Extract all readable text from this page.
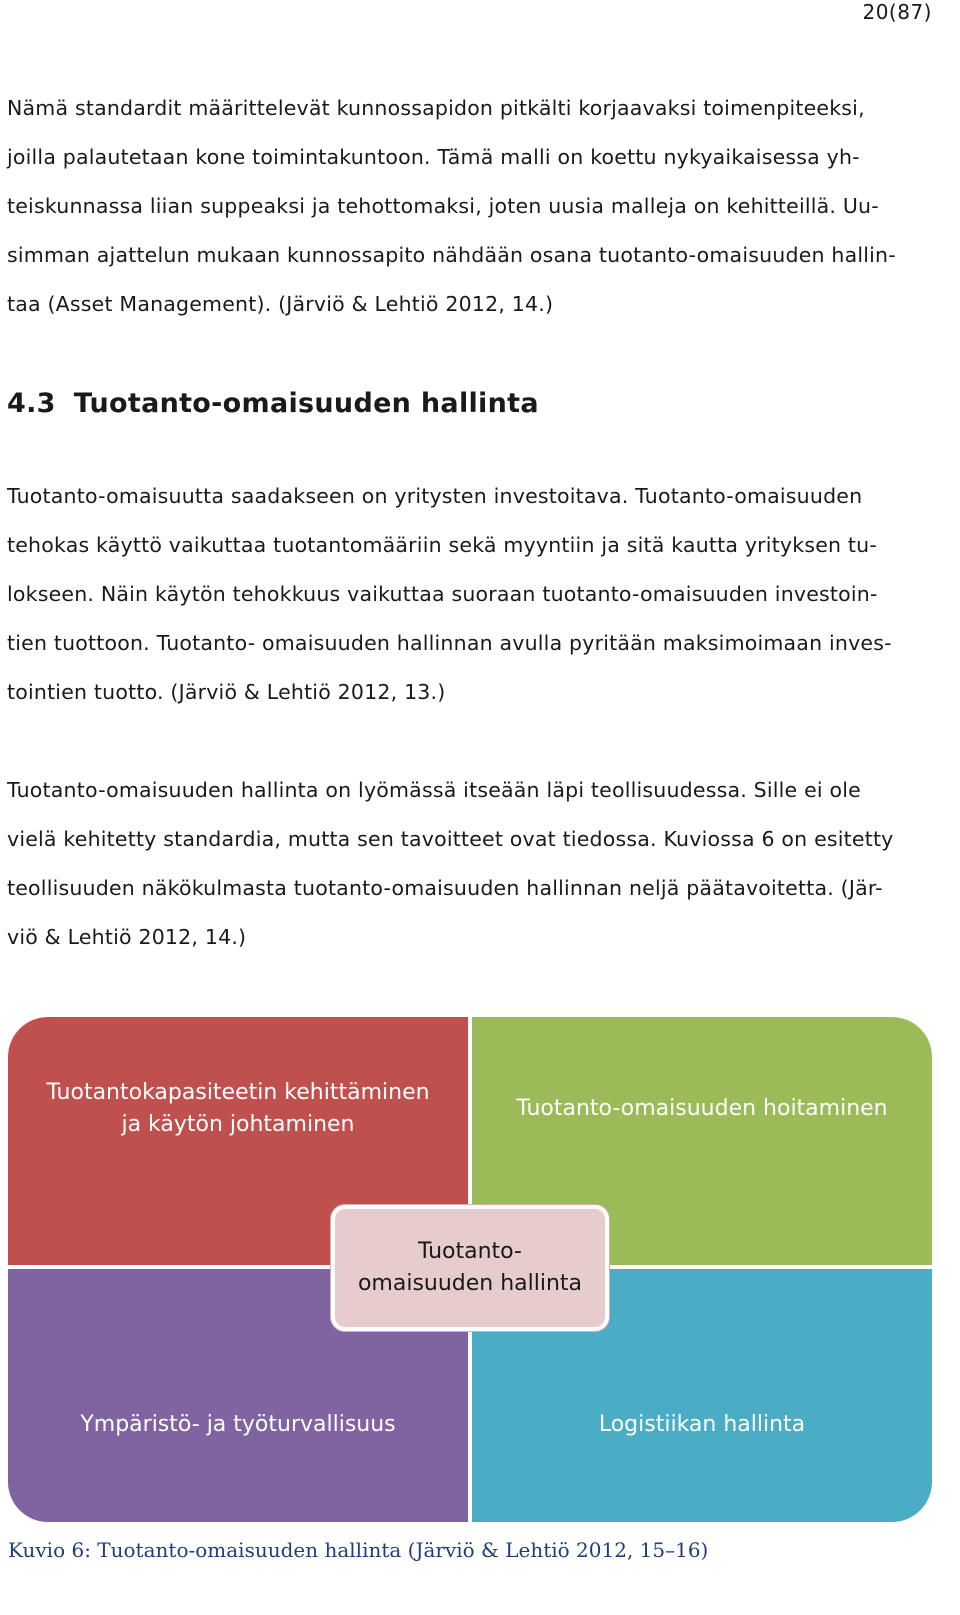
20(87)

Nämä standardit määrittelevät kunnossapidon pitkälti korjaavaksi toimenpiteeksi,
joilla palautetaan kone toimintakuntoon. Tämä malli on koettu nykyaikaisessa yh-
teiskunnassa liian suppeaksi ja tehottomaksi, joten uusia malleja on kehitteillä. Uu-
simman ajattelun mukaan kunnossapito nähdään osana tuotanto-omaisuuden hallin-
taa (Asset Management). (Järviö & Lehtiö 2012, 14.)

4.3 Tuotanto-omaisuuden hallinta

Tuotanto-omaisuutta saadakseen on yritysten investoitava. Tuotanto-omaisuuden
tehokas käyttö vaikuttaa tuotantomääriin sekä myyntiin ja sitä kautta yrityksen tu-
lokseen. Näin käytön tehokkuus vaikuttaa suoraan tuotanto-omaisuuden investoin-
tien tuottoon. Tuotanto- omaisuuden hallinnan avulla pyritään maksimoimaan inves-
tointien tuotto. (Järviö & Lehtiö 2012, 13.)

Tuotanto-omaisuuden hallinta on lyömässä itseään läpi teollisuudessa. Sille ei ole
vielä kehitetty standardia, mutta sen tavoitteet ovat tiedossa. Kuviossa 6 on esitetty
teollisuuden näkökulmasta tuotanto-omaisuuden hallinnan neljä päätavoitetta. (Jär-
viö & Lehtiö 2012, 14.)

Tuotantokapasiteetin kehittäminen
ja käytön johtaminen
Tuotanto-omaisuuden hoitaminen
Ympäristö- ja työturvallisuus	Logistiikan hallinta
Tuotanto-
omaisuuden hallinta

Kuvio 6: Tuotanto-omaisuuden hallinta (Järviö & Lehtiö 2012, 15–16)
